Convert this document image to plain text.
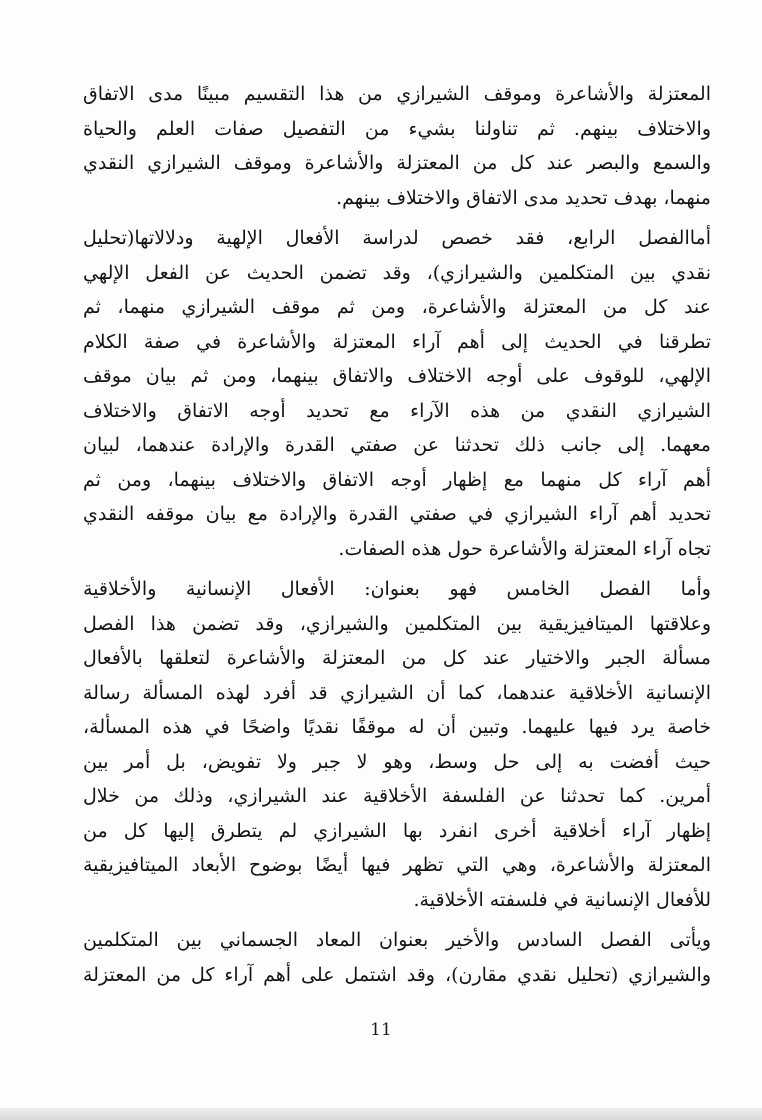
المعتزلة والأشاعرة وموقف الشيرازي من هذا التقسيم مبينًا مدى الاتفاق
والاختلاف بينهم. ثم تناولنا بشيء من التفصيل صفات العلم والحياة
والسمع والبصر عند كل من المعتزلة والأشاعرة وموقف الشيرازي النقدي
منهما، بهدف تحديد مدى الاتفاق والاختلاف بينهم.
أماالفصل الرابع، فقد خصص لدراسة الأفعال الإلهية ودلالاتها(تحليل
نقدي بين المتكلمين والشيرازي)، وقد تضمن الحديث عن الفعل الإلهي
عند كل من المعتزلة والأشاعرة، ومن ثم موقف الشيرازي منهما، ثم
تطرقنا في الحديث إلى أهم آراء المعتزلة والأشاعرة في صفة الكلام
الإلهي، للوقوف على أوجه الاختلاف والاتفاق بينهما، ومن ثم بيان موقف
الشيرازي النقدي من هذه الآراء مع تحديد أوجه الاتفاق والاختلاف
معهما. إلى جانب ذلك تحدثنا عن صفتي القدرة والإرادة عندهما، لبيان
أهم آراء كل منهما مع إظهار أوجه الاتفاق والاختلاف بينهما، ومن ثم
تحديد أهم آراء الشيرازي في صفتي القدرة والإرادة مع بيان موقفه النقدي
تجاه آراء المعتزلة والأشاعرة حول هذه الصفات.
وأما الفصل الخامس فهو بعنوان: الأفعال الإنسانية والأخلاقية
وعلاقتها الميتافيزيقية بين المتكلمين والشيرازي، وقد تضمن هذا الفصل
مسألة الجبر والاختيار عند كل من المعتزلة والأشاعرة لتعلقها بالأفعال
الإنسانية الأخلاقية عندهما، كما أن الشيرازي قد أفرد لهذه المسألة رسالة
خاصة يرد فيها عليهما. وتبين أن له موقفًا نقديًا واضحًا في هذه المسألة،
حيث أفضت به إلى حل وسط، وهو لا جبر ولا تفويض، بل أمر بين
أمرين. كما تحدثنا عن الفلسفة الأخلاقية عند الشيرازي، وذلك من خلال
إظهار آراء أخلاقية أخرى انفرد بها الشيرازي لم يتطرق إليها كل من
المعتزلة والأشاعرة، وهي التي تظهر فيها أيضًا بوضوح الأبعاد الميتافيزيقية
للأفعال الإنسانية في فلسفته الأخلاقية.
ويأتى الفصل السادس والأخير بعنوان المعاد الجسماني بين المتكلمين
والشيرازي (تحليل نقدي مقارن)، وقد اشتمل على أهم آراء كل من المعتزلة
11
